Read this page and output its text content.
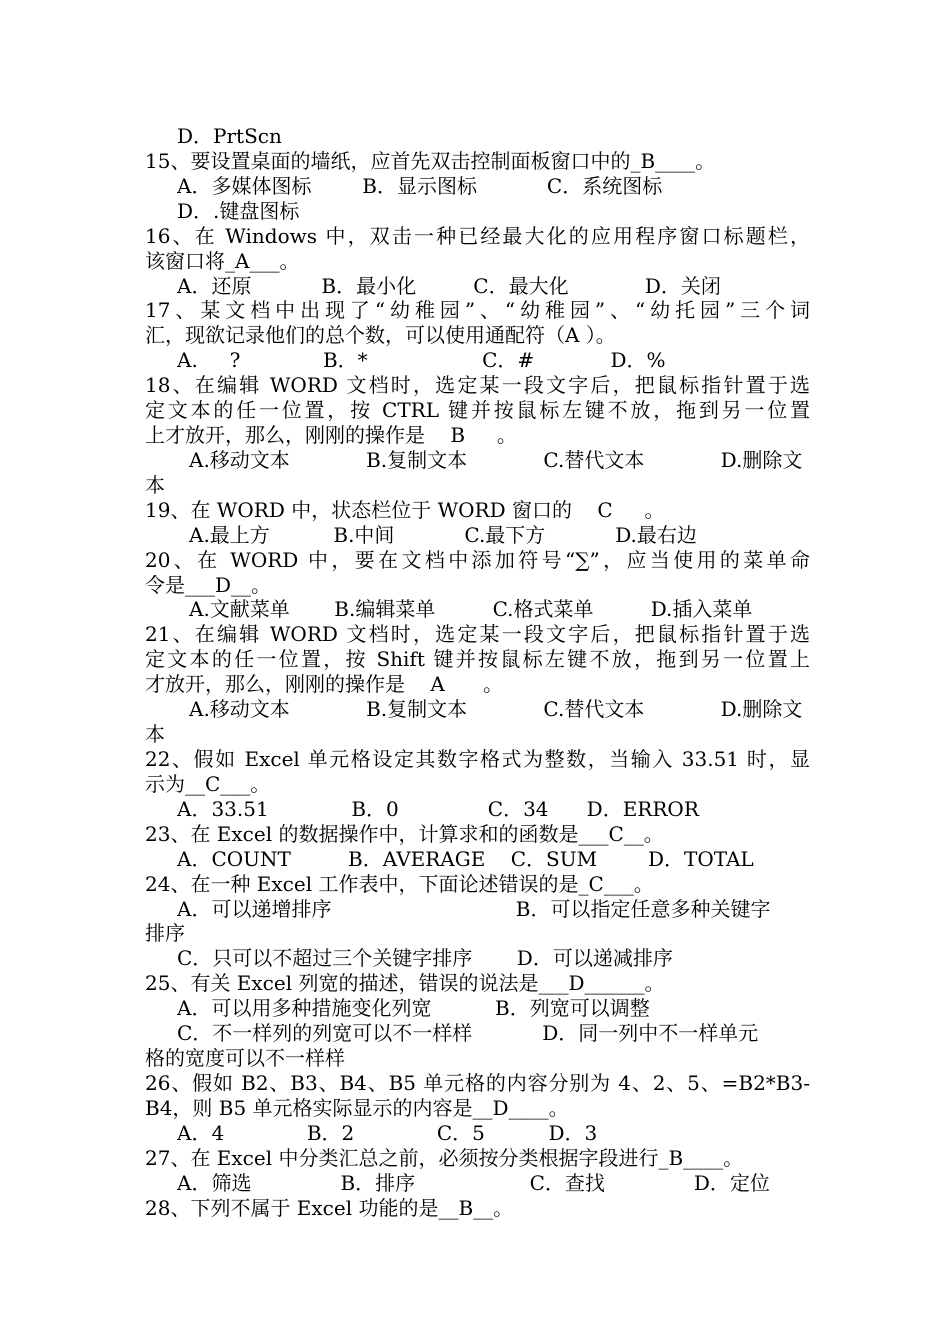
D．PrtScn
15、要设置桌面的墙纸，应首先双击控制面板窗口中的_B____。
A．多媒体图标        B．显示图标           C．系统图标
D．.键盘图标
16、在 Windows 中，双击一种已经最大化的应用程序窗口标题栏，
该窗口将_A___。
A．还原           B．最小化         C．最大化            D．关闭
17、某文档中出现了“幼稚园”、“幼稚园”、“幼托园”三个词
汇，现欲记录他们的总个数，可以使用通配符（A ）。
A.     ?             B．*                  C．#            D．%
18、在编辑 WORD 文档时，选定某一段文字后，把鼠标指针置于选
定文本的任一位置，按 CTRL 键并按鼠标左键不放，拖到另一位置
上才放开，那么，刚刚的操作是    B     。
A.移动文本            B.复制文本            C.替代文本            D.删除文
本
19、在 WORD 中，状态栏位于 WORD 窗口的    C     。
A.最上方          B.中间           C.最下方           D.最右边
20、在 WORD 中，要在文档中添加符号“∑”，应当使用的菜单命
令是___D__。
A.文献菜单       B.编辑菜单         C.格式菜单         D.插入菜单
21、在编辑 WORD 文档时，选定某一段文字后，把鼠标指针置于选
定文本的任一位置，按 Shift 键并按鼠标左键不放，拖到另一位置上
才放开，那么，刚刚的操作是    A      。
A.移动文本            B.复制文本            C.替代文本            D.删除文
本
22、假如 Excel 单元格设定其数字格式为整数，当输入 33.51 时，显
示为__C___。
A．33.51             B．0              C．34      D．ERROR
23、在 Excel 的数据操作中，计算求和的函数是___C__。
A．COUNT         B．AVERAGE    C．SUM        D．TOTAL
24、在一种 Excel 工作表中，下面论述错误的是_C___。
A．可以递增排序                             B．可以指定任意多种关键字
排序
C．只可以不超过三个关键字排序       D．可以递减排序
25、有关 Excel 列宽的描述，错误的说法是___D______。
A．可以用多种措施变化列宽          B．列宽可以调整
C．不一样列的列宽可以不一样样           D．同一列中不一样单元
格的宽度可以不一样样
26、假如 B2、B3、B4、B5 单元格的内容分别为 4、2、5、=B2*B3-
B4，则 B5 单元格实际显示的内容是__D____。
A．4             B．2             C．5          D．3
27、在 Excel 中分类汇总之前，必须按分类根据字段进行_B____。
A．筛选              B．排序                  C．查找              D．定位
28、下列不属于 Excel 功能的是__B__。
